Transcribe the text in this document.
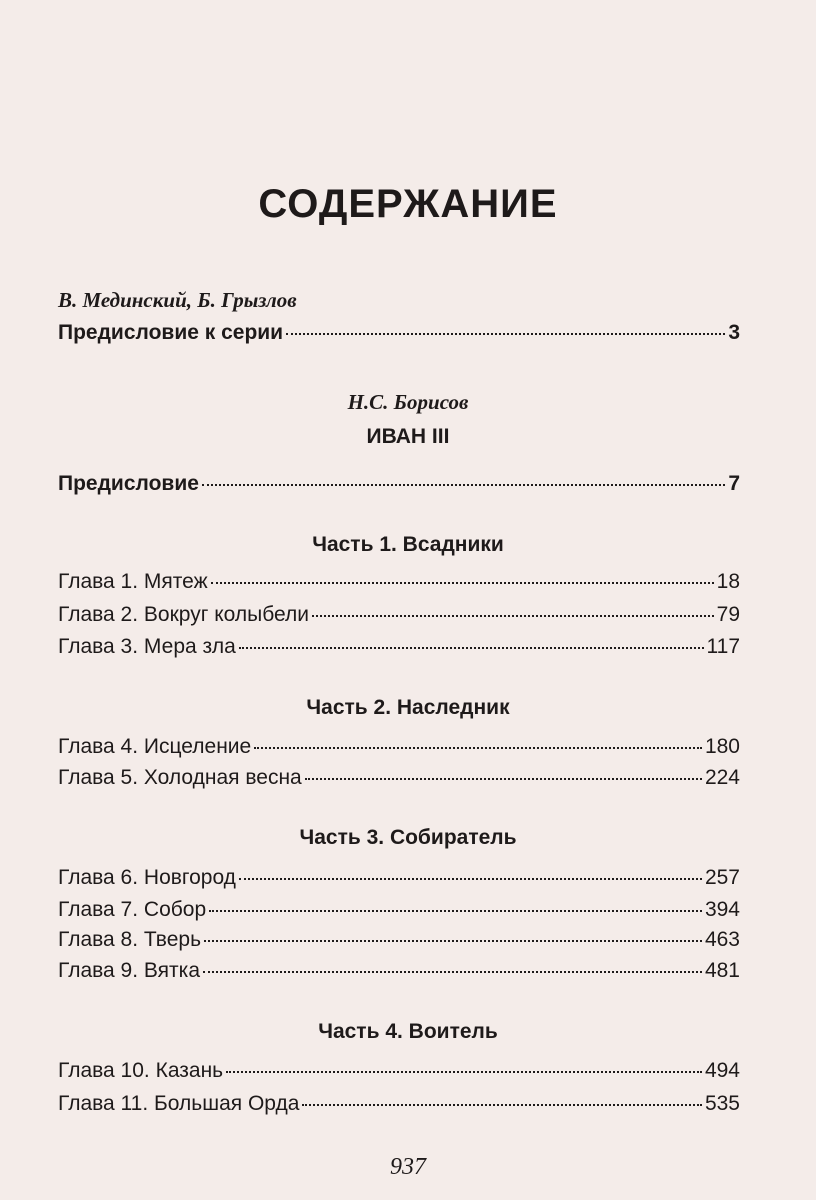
СОДЕРЖАНИЕ
В. Мединский, Б. Грызлов
Предисловие к серии	3
Н.С. Борисов
ИВАН III
Предисловие	7
Часть 1. Всадники
Глава 1. Мятеж	18
Глава 2. Вокруг колыбели	79
Глава 3. Мера зла	117
Часть 2. Наследник
Глава 4. Исцеление	180
Глава 5. Холодная весна	224
Часть 3. Собиратель
Глава 6. Новгород	257
Глава 7. Собор	394
Глава 8. Тверь	463
Глава 9. Вятка	481
Часть 4. Воитель
Глава 10. Казань	494
Глава 11. Большая Орда	535
937
